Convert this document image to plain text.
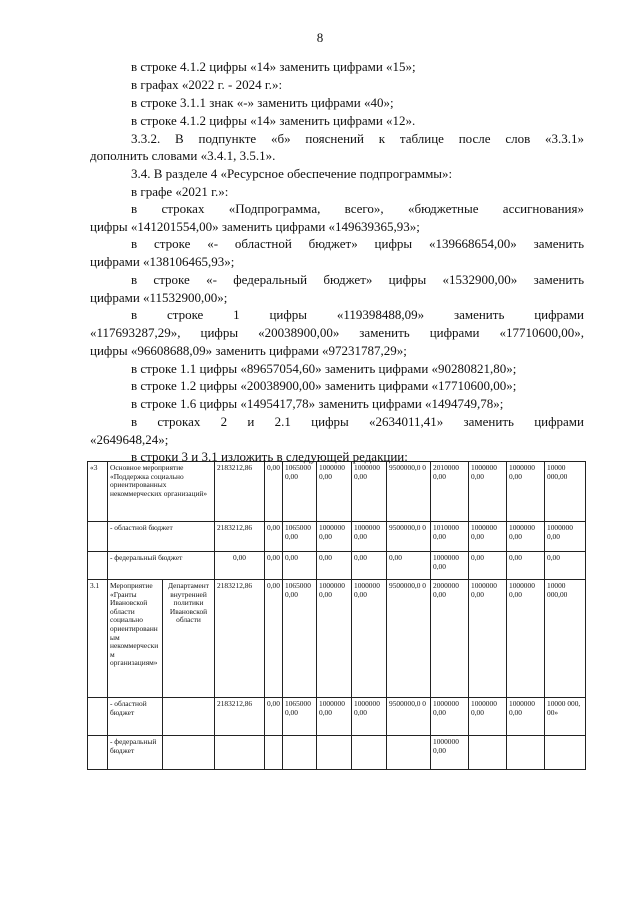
8
«3	Основное мероприятие «Поддержка социально ориентированных некоммерческих организаций»		2183212,86	0,00	10650000,00	1000000 0,00	1000000 0,00	9500000,0 0	2010000 0,00	1000000 0,00	1000000 0,00	10000 000,00
	- областной бюджет		2183212,86	0,00	10650000,00	1000000 0,00	1000000 0,00	9500000,0 0	1010000 0,00	1000000 0,00	1000000 0,00	1000000 0,00
	- федеральный бюджет		0,00	0,00	0,00	0,00	0,00	0,00	1000000 0,00	0,00	0,00	0,00
3.1	Мероприятие «Гранты Ивановской области социально ориентированным некоммерческим организациям»	Департамент внутренней политики Ивановской области	2183212,86	0,00	10650000,00	1000000 0,00	1000000 0,00	9500000,0 0	2000000 0,00	1000000 0,00	1000000 0,00	10000 000,00
	- областной бюджет		2183212,86	0,00	10650000,00	1000000 0,00	1000000 0,00	9500000,0 0	1000000 0,00	1000000 0,00	1000000 0,00	10000 000, 00»
	- федеральный бюджет								1000000 0,00			
в строке 4.1.2 цифры «14» заменить цифрами «15»;
в графах «2022 г. - 2024 г.»:
в строке 3.1.1 знак «-» заменить цифрами «40»;
в строке 4.1.2 цифры «14» заменить цифрами «12».
3.3.2. В подпункте «б» пояснений к таблице после слов «3.3.1»
дополнить словами «3.4.1, 3.5.1».
3.4. В разделе 4 «Ресурсное обеспечение подпрограммы»:
в графе «2021 г.»:
в строках «Подпрограмма, всего», «бюджетные ассигнования»
цифры «141201554,00» заменить цифрами «149639365,93»;
в строке «- областной бюджет» цифры «139668654,00» заменить
цифрами «138106465,93»;
в строке «- федеральный бюджет» цифры «1532900,00» заменить
цифрами «11532900,00»;
в строке 1 цифры «119398488,09» заменить цифрами
«117693287,29», цифры «20038900,00» заменить цифрами «17710600,00»,
цифры «96608688,09» заменить цифрами «97231787,29»;
в строке 1.1 цифры «89657054,60» заменить цифрами «90280821,80»;
в строке 1.2 цифры «20038900,00» заменить цифрами «17710600,00»;
в строке 1.6 цифры «1495417,78» заменить цифрами «1494749,78»;
в строках 2 и 2.1 цифры «2634011,41» заменить цифрами
«2649648,24»;
в строки 3 и 3.1 изложить в следующей редакции:
